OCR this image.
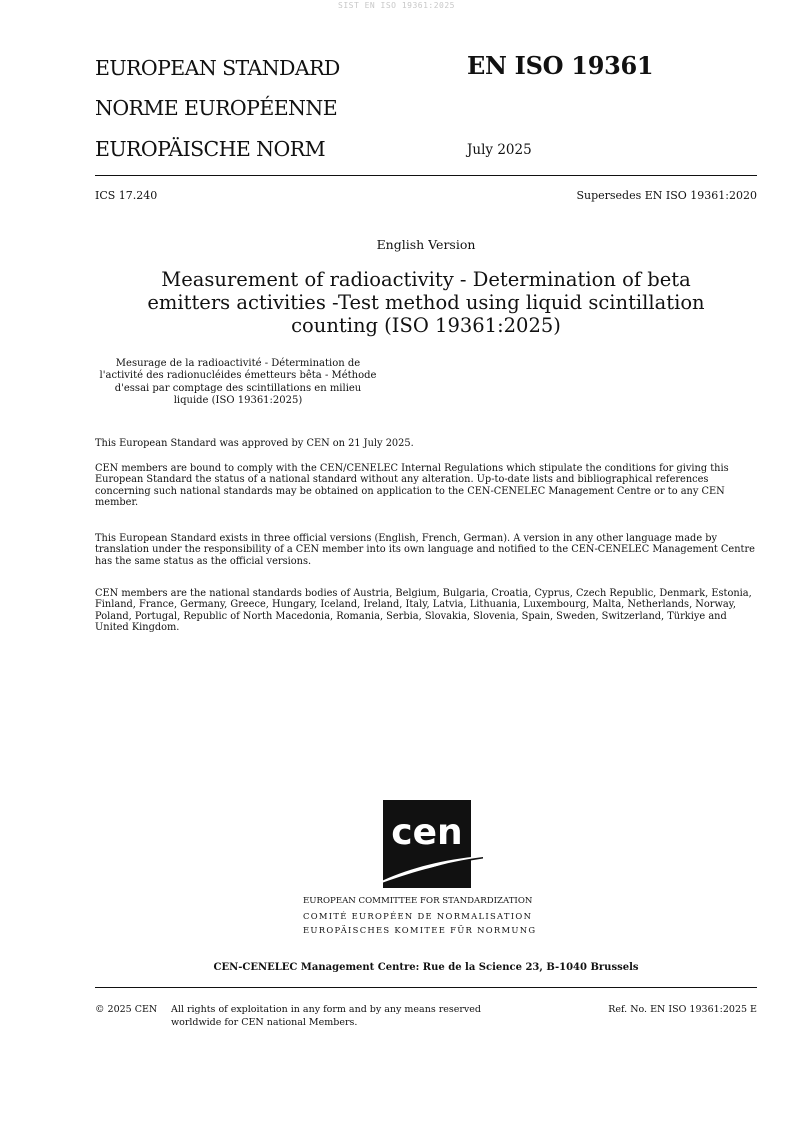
SIST EN ISO 19361:2025
EUROPEAN STANDARD
NORME EUROPÉENNE
EUROPÄISCHE NORM
EN ISO 19361
July 2025
ICS 17.240	Supersedes EN ISO 19361:2020
English Version
Measurement of radioactivity - Determination of beta
emitters activities -Test method using liquid scintillation
counting (ISO 19361:2025)
Mesurage de la radioactivité - Détermination de
l'activité des radionucléides émetteurs bêta - Méthode
d'essai par comptage des scintillations en milieu
liquide (ISO 19361:2025)
This European Standard was approved by CEN on 21 July 2025.
CEN members are bound to comply with the CEN/CENELEC Internal Regulations which stipulate the conditions for giving this European Standard the status of a national standard without any alteration. Up-to-date lists and bibliographical references concerning such national standards may be obtained on application to the CEN-CENELEC Management Centre or to any CEN member.
This European Standard exists in three official versions (English, French, German). A version in any other language made by translation under the responsibility of a CEN member into its own language and notified to the CEN-CENELEC Management Centre has the same status as the official versions.
CEN members are the national standards bodies of Austria, Belgium, Bulgaria, Croatia, Cyprus, Czech Republic, Denmark, Estonia, Finland, France, Germany, Greece, Hungary, Iceland, Ireland, Italy, Latvia, Lithuania, Luxembourg, Malta, Netherlands, Norway, Poland, Portugal, Republic of North Macedonia, Romania, Serbia, Slovakia, Slovenia, Spain, Sweden, Switzerland, Türkiye and United Kingdom.
cen
EUROPEAN COMMITTEE FOR STANDARDIZATION
COMITÉ EUROPÉEN DE NORMALISATION
EUROPÄISCHES KOMITEE FÜR NORMUNG
CEN-CENELEC Management Centre: Rue de la Science 23, B-1040 Brussels
© 2025 CEN All rights of exploitation in any form and by any means reserved
worldwide for CEN national Members.
Ref. No. EN ISO 19361:2025 E
